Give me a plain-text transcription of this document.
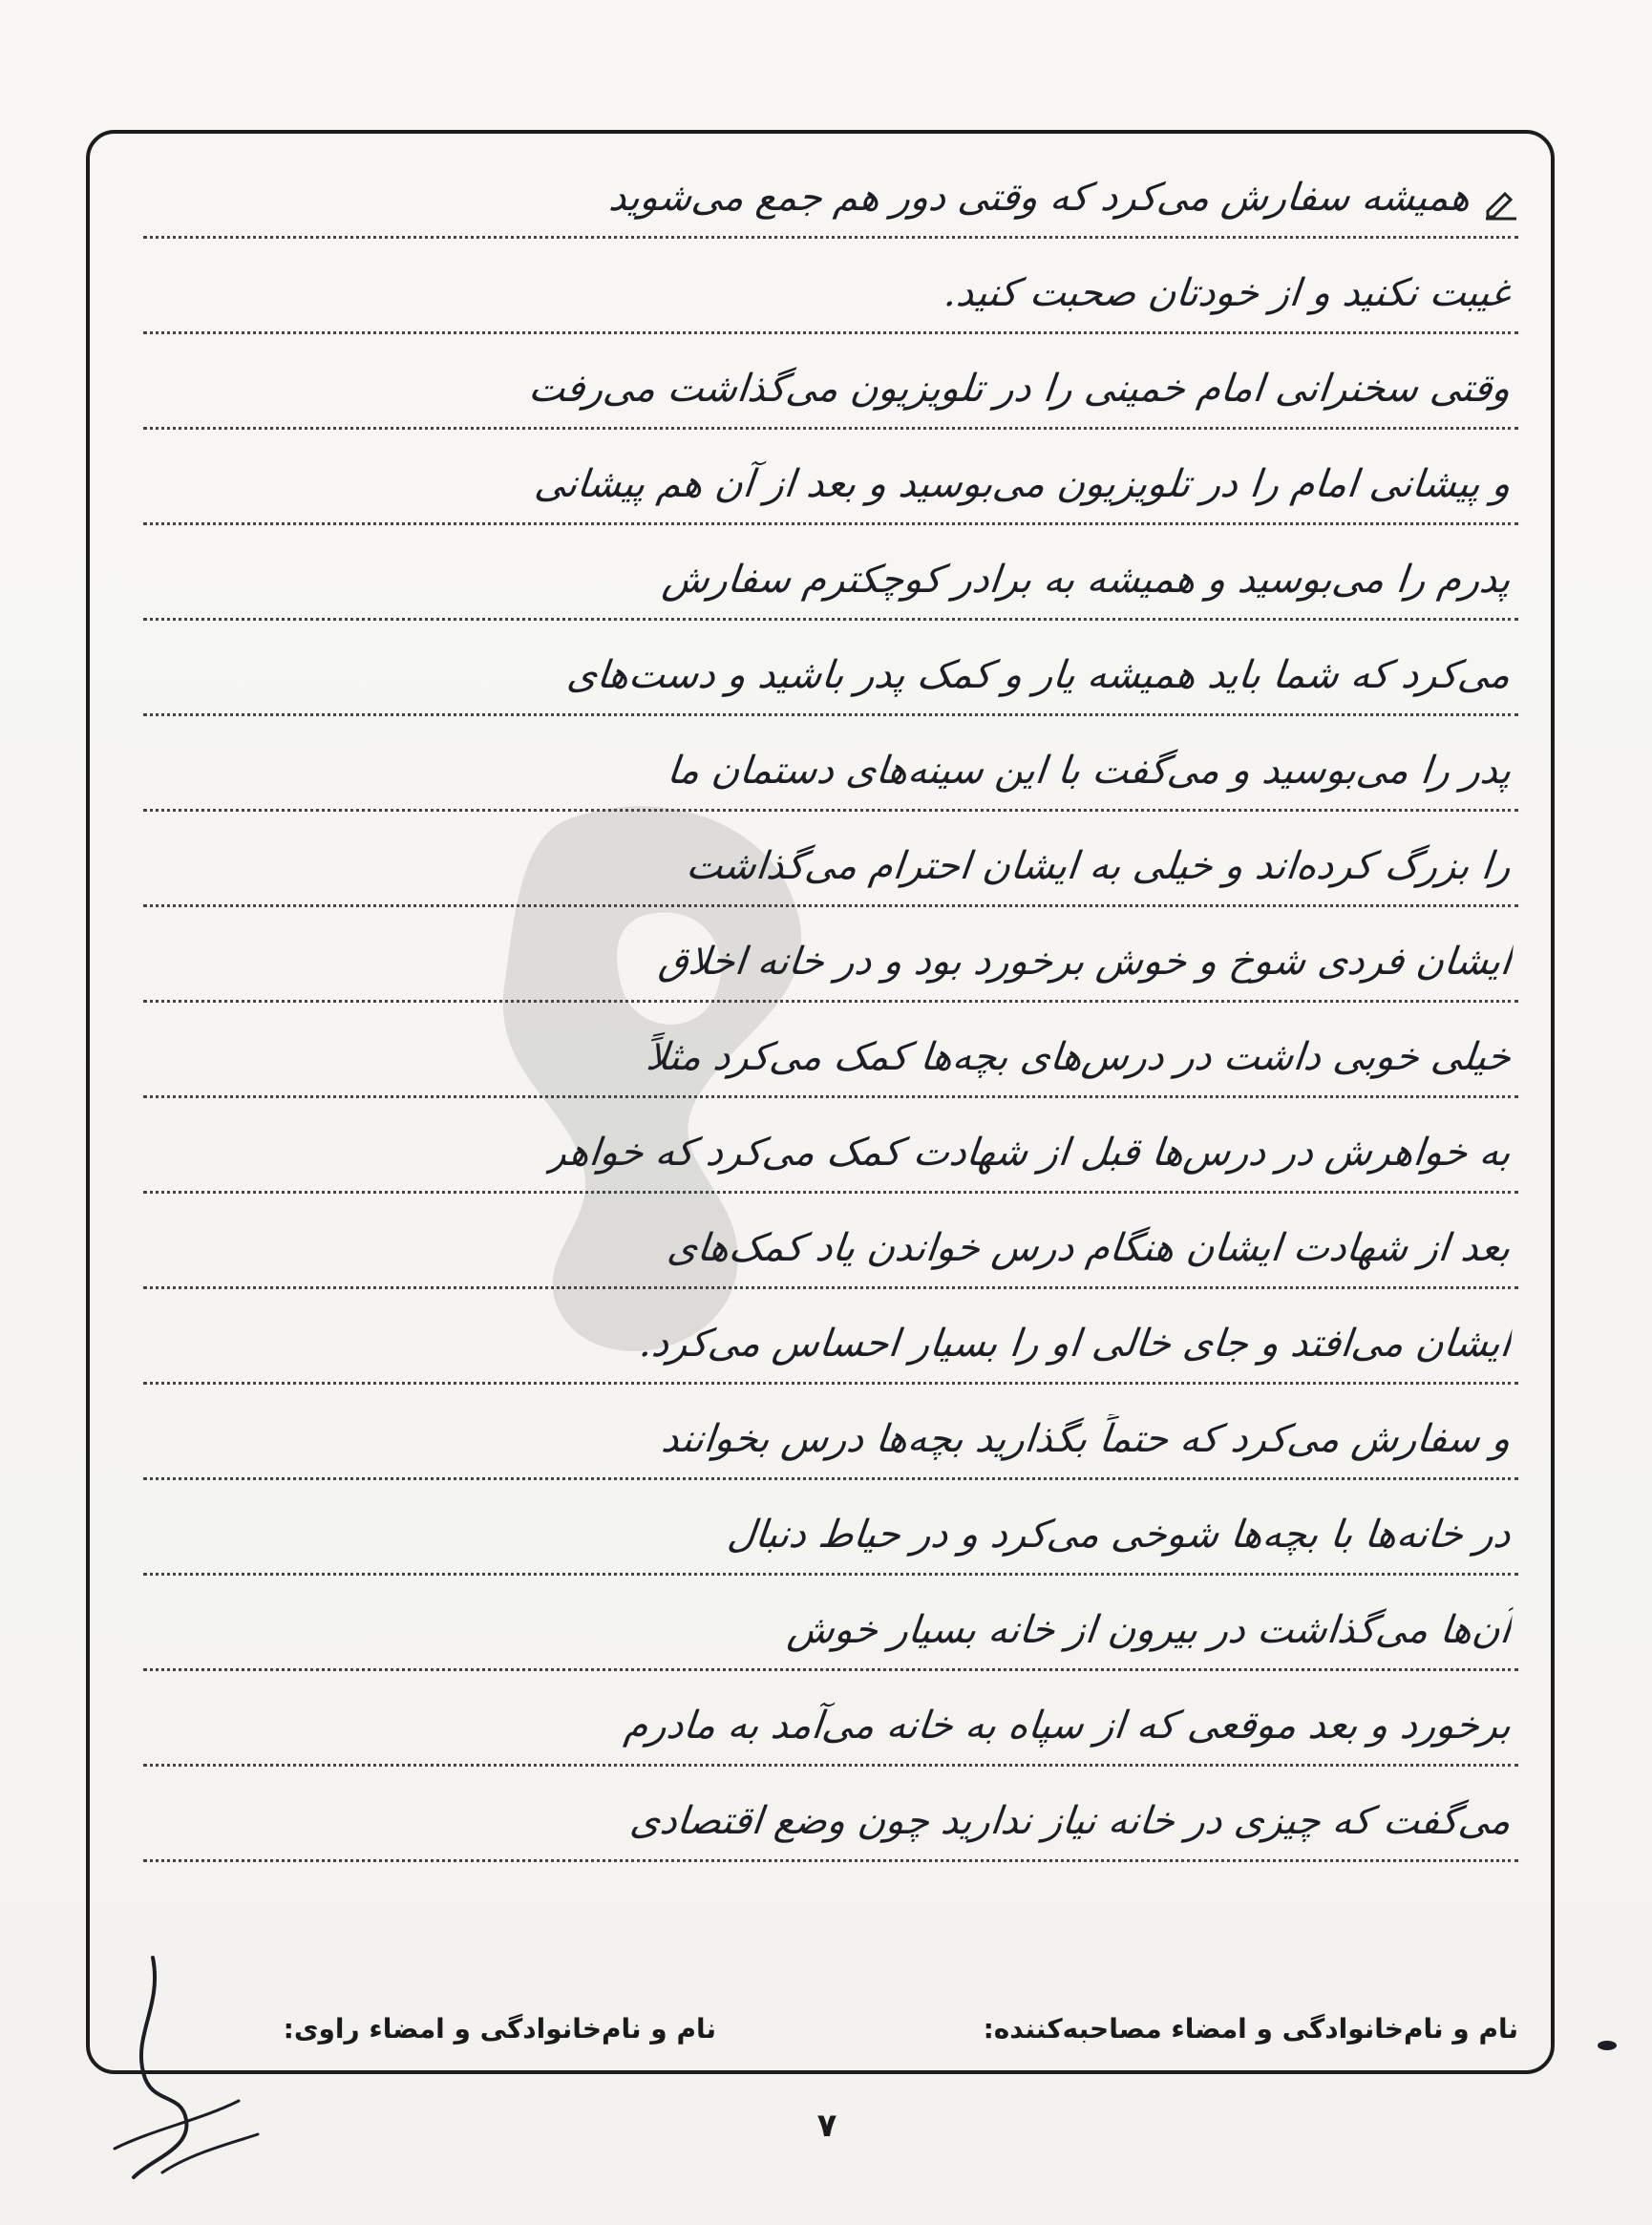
همیشه سفارش می‌کرد که وقتی دور هم جمع می‌شوید
غیبت نکنید و از خودتان صحبت کنید.
وقتی سخنرانی امام خمینی را در تلویزیون می‌گذاشت می‌رفت
و پیشانی امام را در تلویزیون می‌بوسید و بعد از آن هم پیشانی
پدرم را می‌بوسید و همیشه به برادر کوچکترم سفارش
می‌کرد که شما باید همیشه یار و کمک پدر باشید و دست‌های
پدر را می‌بوسید و می‌گفت با این سینه‌های دستمان ما
را بزرگ کرده‌اند و خیلی به ایشان احترام می‌گذاشت
ایشان فردی شوخ و خوش برخورد بود و در خانه اخلاق
خیلی خوبی داشت در درس‌های بچه‌ها کمک می‌کرد مثلاً
به خواهرش در درس‌ها قبل از شهادت کمک می‌کرد که خواهر
بعد از شهادت ایشان هنگام درس خواندن یاد کمک‌های
ایشان می‌افتد و جای خالی او را بسیار احساس می‌کرد.
و سفارش می‌کرد که حتماً بگذارید بچه‌ها درس بخوانند
در خانه‌ها با بچه‌ها شوخی می‌کرد و در حیاط دنبال
آن‌ها می‌گذاشت در بیرون از خانه بسیار خوش
برخورد و بعد موقعی که از سپاه به خانه می‌آمد به مادرم
می‌گفت که چیزی در خانه نیاز ندارید چون وضع اقتصادی
نام و نام‌خانوادگی و امضاء مصاحبه‌کننده:
نام و نام‌خانوادگی و امضاء راوی:
۷
